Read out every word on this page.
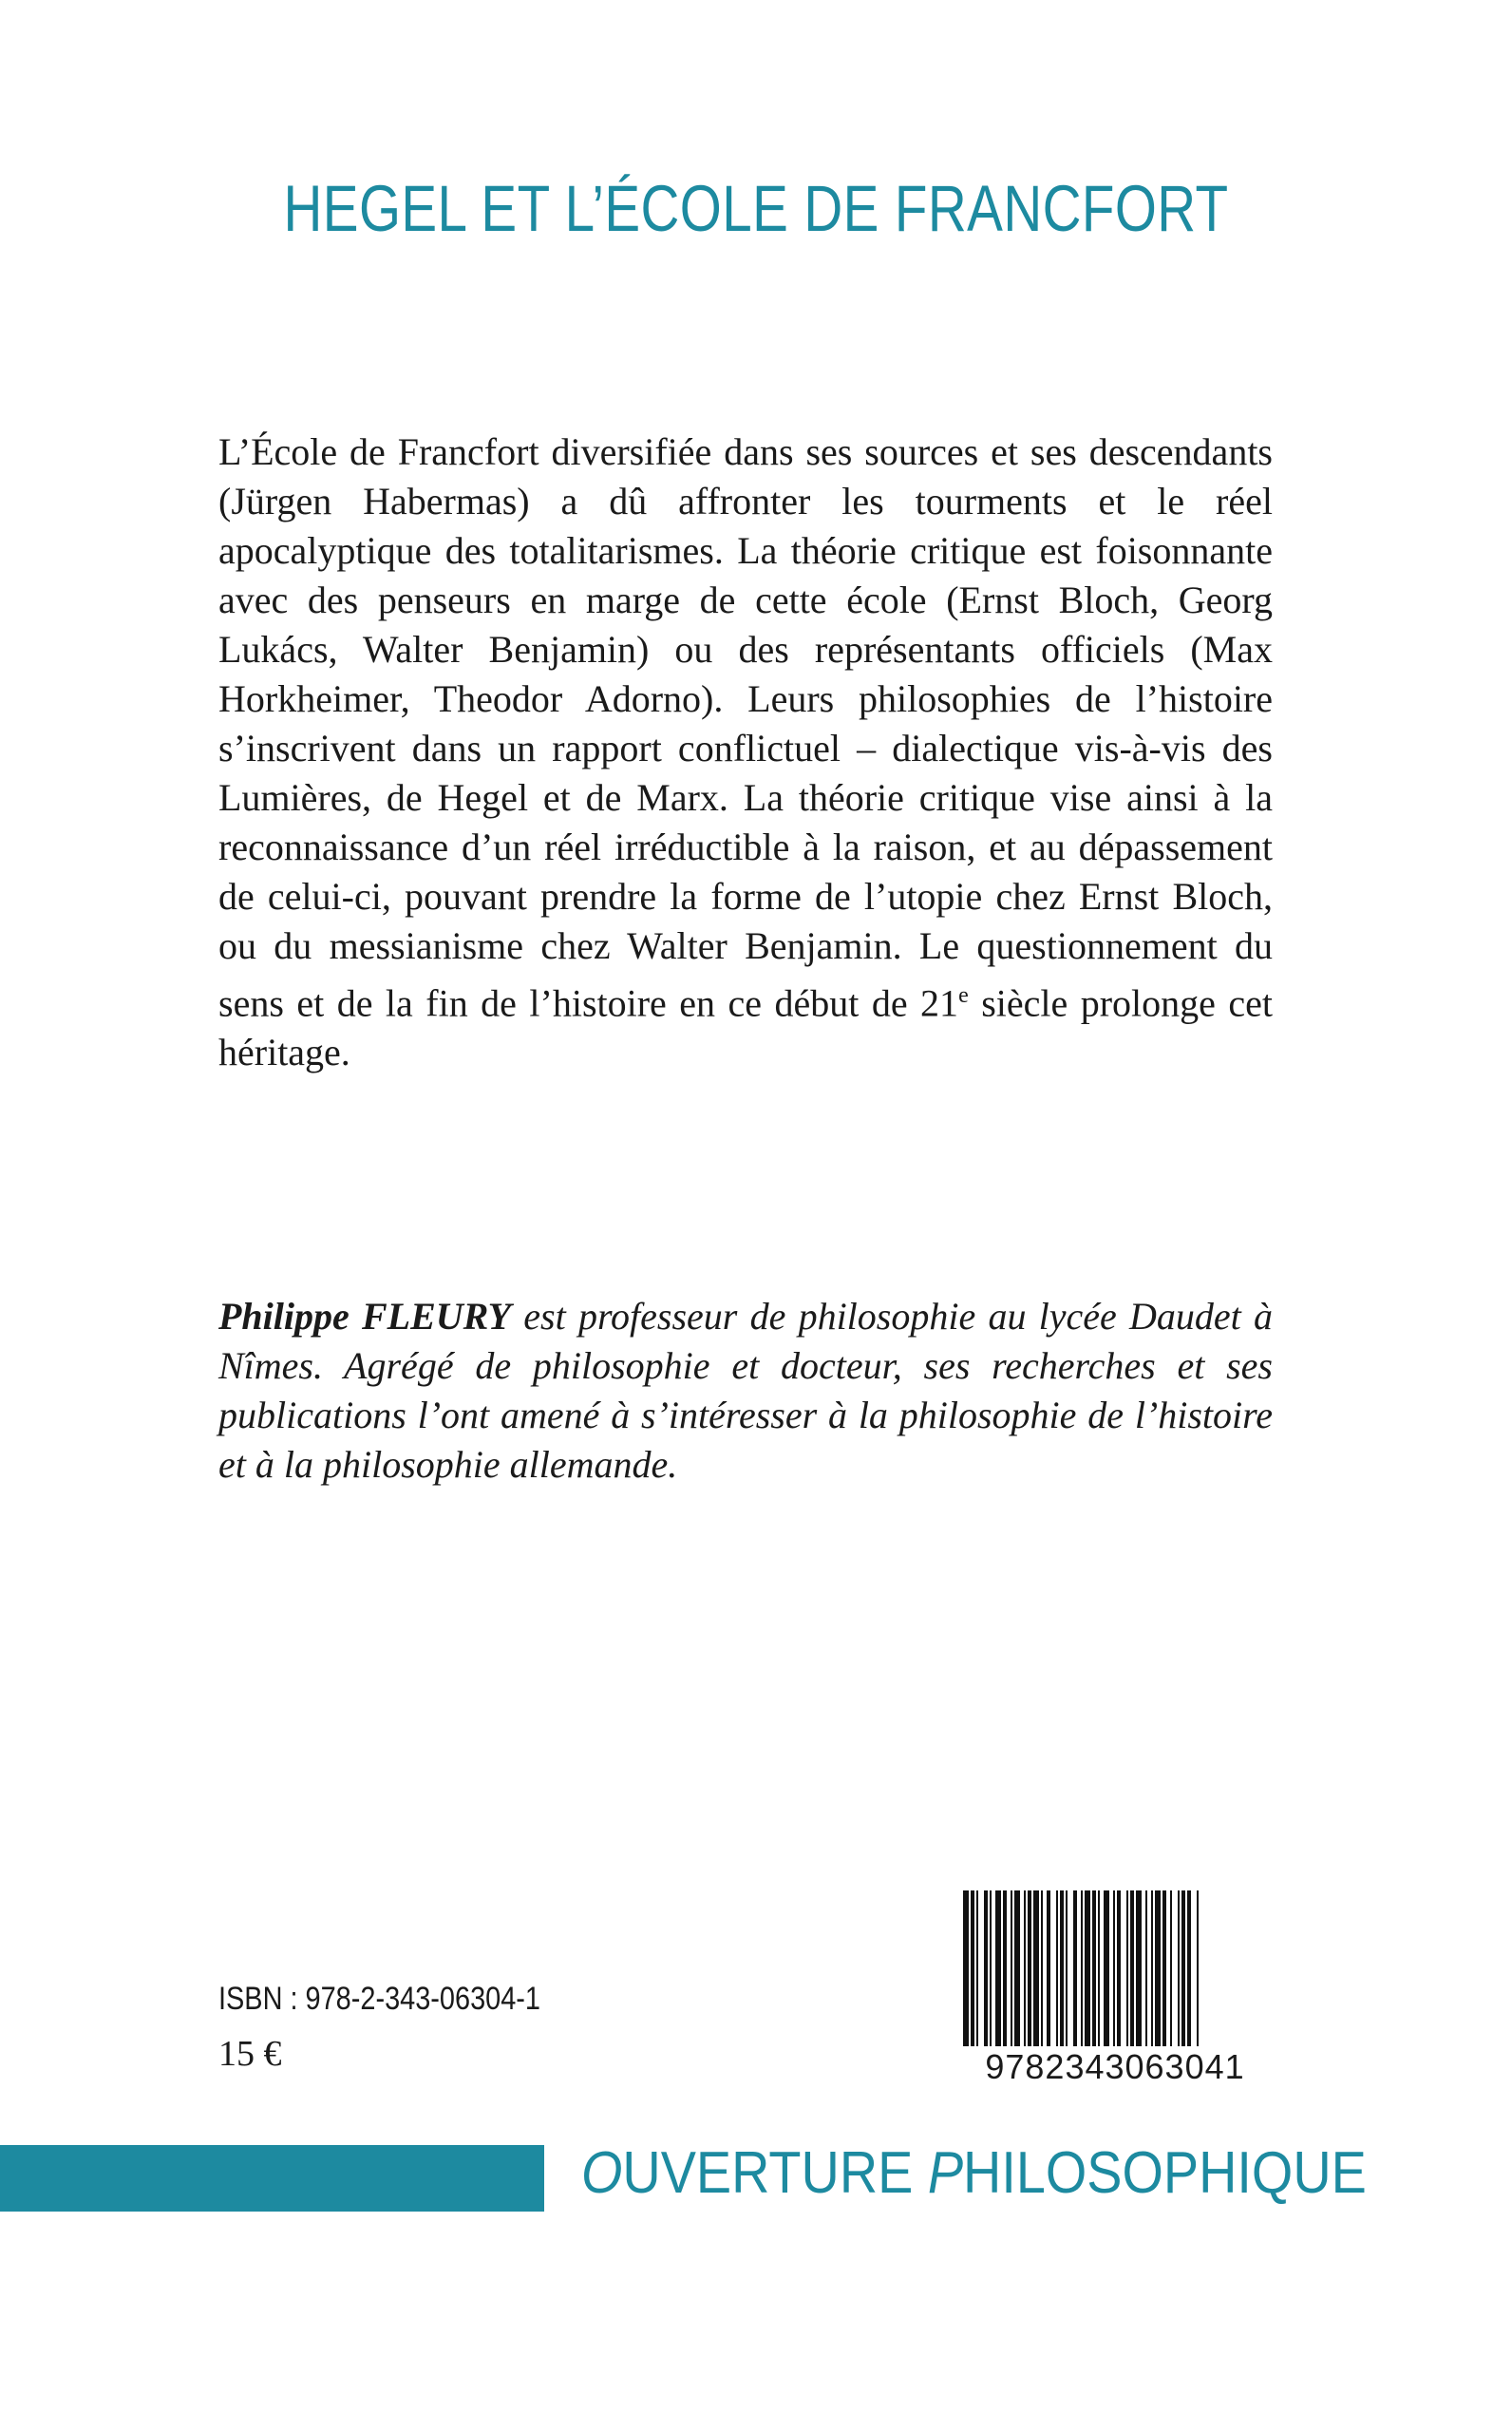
HEGEL ET L’ÉCOLE DE FRANCFORT

L’École de Francfort diversifiée dans ses sources et ses descendants (Jürgen Habermas) a dû affronter les tourments et le réel apocalyptique des totalitarismes. La théorie critique est foisonnante avec des penseurs en marge de cette école (Ernst Bloch, Georg Lukács, Walter Benjamin) ou des représentants officiels (Max Horkheimer, Theodor Adorno). Leurs philosophies de l’histoire s’inscrivent dans un rapport conflictuel – dialectique vis-à-vis des Lumières, de Hegel et de Marx. La théorie critique vise ainsi à la reconnaissance d’un réel irréductible à la raison, et au dépassement de celui-ci, pouvant prendre la forme de l’utopie chez Ernst Bloch, ou du messianisme chez Walter Benjamin. Le questionnement du sens et de la fin de l’histoire en ce début de 21e siècle prolonge cet héritage.

Philippe FLEURY est professeur de philosophie au lycée Daudet à Nîmes. Agrégé de philosophie et docteur, ses recherches et ses publications l’ont amené à s’intéresser à la philosophie de l’histoire et à la philosophie allemande.

ISBN : 978-2-343-06304-1
15 €	9782343063041
OUVERTURE PHILOSOPHIQUE
